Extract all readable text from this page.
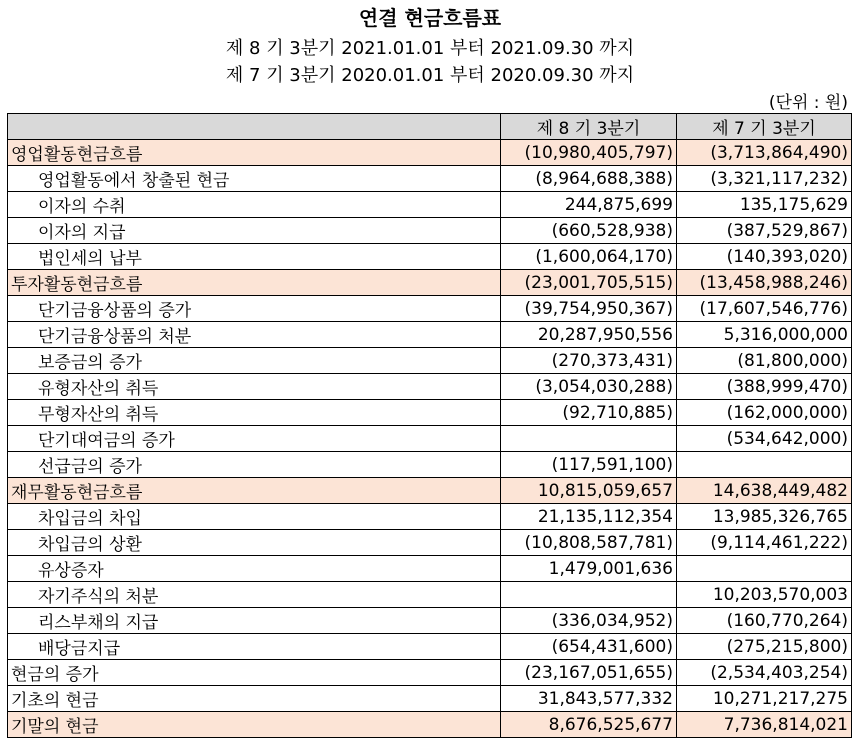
연결 현금흐름표
제 8 기 3분기 2021.01.01 부터 2021.09.30 까지
제 7 기 3분기 2020.01.01 부터 2020.09.30 까지
(단위 : 원)
	제 8 기 3분기	제 7 기 3분기
영업활동현금흐름	(10,980,405,797)	(3,713,864,490)
영업활동에서 창출된 현금	(8,964,688,388)	(3,321,117,232)
이자의 수취	244,875,699	135,175,629
이자의 지급	(660,528,938)	(387,529,867)
법인세의 납부	(1,600,064,170)	(140,393,020)
투자활동현금흐름	(23,001,705,515)	(13,458,988,246)
단기금융상품의 증가	(39,754,950,367)	(17,607,546,776)
단기금융상품의 처분	20,287,950,556	5,316,000,000
보증금의 증가	(270,373,431)	(81,800,000)
유형자산의 취득	(3,054,030,288)	(388,999,470)
무형자산의 취득	(92,710,885)	(162,000,000)
단기대여금의 증가		(534,642,000)
선급금의 증가	(117,591,100)	
재무활동현금흐름	10,815,059,657	14,638,449,482
차입금의 차입	21,135,112,354	13,985,326,765
차입금의 상환	(10,808,587,781)	(9,114,461,222)
유상증자	1,479,001,636	
자기주식의 처분		10,203,570,003
리스부채의 지급	(336,034,952)	(160,770,264)
배당금지급	(654,431,600)	(275,215,800)
현금의 증가	(23,167,051,655)	(2,534,403,254)
기초의 현금	31,843,577,332	10,271,217,275
기말의 현금	8,676,525,677	7,736,814,021
